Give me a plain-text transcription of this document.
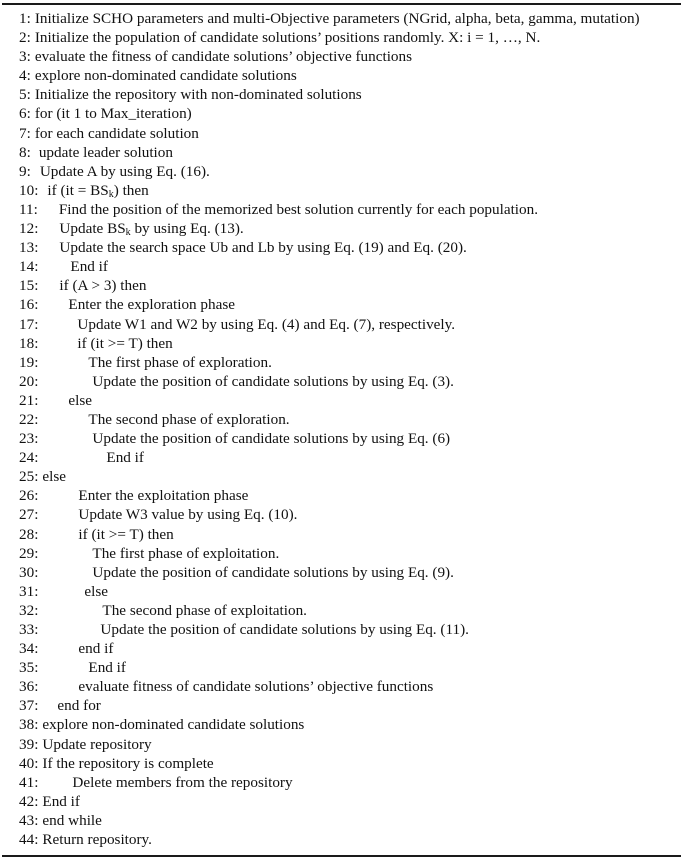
1: Initialize SCHO parameters and multi-Objective parameters (NGrid, alpha, beta, gamma, mutation)
2: Initialize the population of candidate solutions’ positions randomly. X: i = 1, …, N.
3: evaluate the fitness of candidate solutions’ objective functions
4: explore non-dominated candidate solutions
5: Initialize the repository with non-dominated solutions
6: for (it 1 to Max_iteration)
7: for each candidate solution
8: update leader solution
9: Update A by using Eq. (16).
10: if $(it = BS_k)$ then
11: Find the position of the memorized best solution currently for each population.
12: Update $BS_k$ by using Eq. (13).
13: Update the search space Ub and Lb by using Eq. (19) and Eq. (20).
14: End if
15: if (A > 3) then
16: Enter the exploration phase
17:	Update W1 and W2 by using Eq. (4) and Eq. (7), respectively.
18:	if (it >= T) then
19:	The first phase of exploration.
20:	Update the position of candidate solutions by using Eq. (3).
21: else
22:	The second phase of exploration.
23:	Update the position of candidate solutions by using Eq. (6)
24:	End if
25: else
26:	Enter the exploitation phase
27:	Update W3 value by using Eq. (10).
28:	if (it >= T) then
29:	The first phase of exploitation.
30:	Update the position of candidate solutions by using Eq. (9).
31:	else
32:	The second phase of exploitation.
33:	Update the position of candidate solutions by using Eq. (11).
34:	end if
35:	End if
36:	evaluate fitness of candidate solutions’ objective functions
37: end for
38: explore non-dominated candidate solutions
39: Update repository
40: If the repository is complete
41: Delete members from the repository
42: End if
43: end while
44: Return repository.
